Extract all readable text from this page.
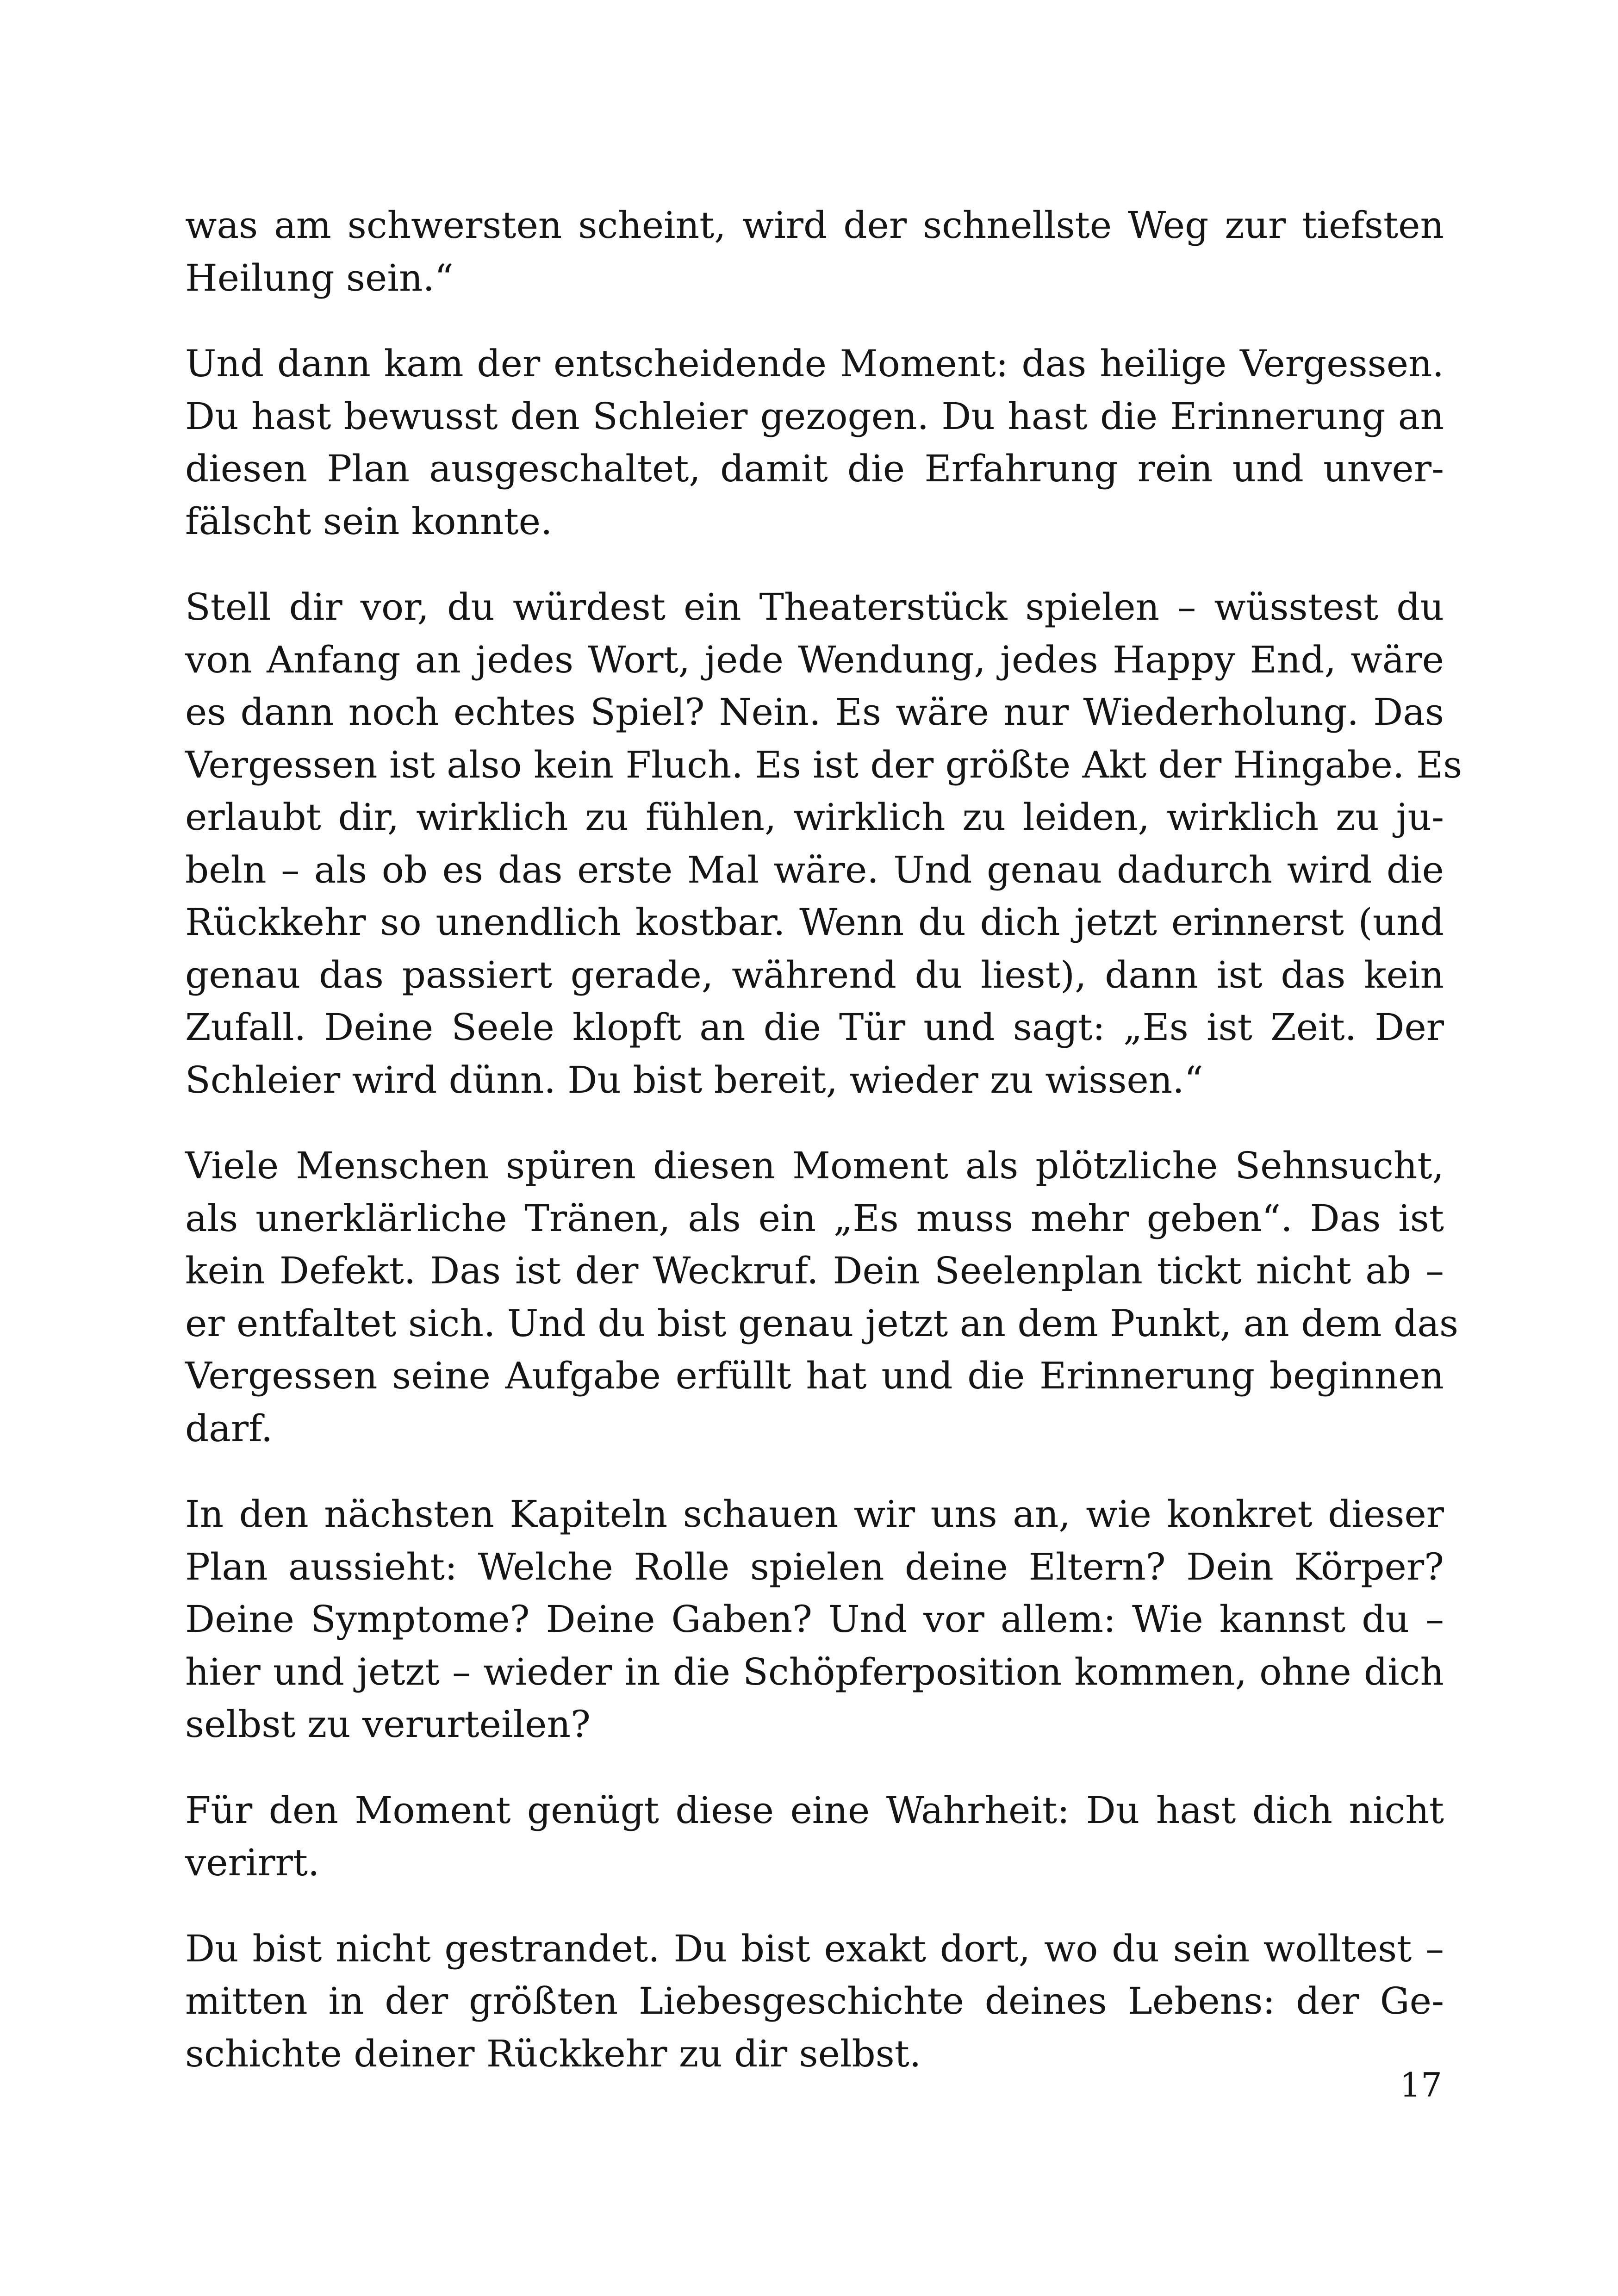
was am schwersten scheint, wird der schnellste Weg zur tiefsten
Heilung sein.“

Und dann kam der entscheidende Moment: das heilige Vergessen.
Du hast bewusst den Schleier gezogen. Du hast die Erinnerung an
diesen Plan ausgeschaltet, damit die Erfahrung rein und unver-
fälscht sein konnte.

Stell dir vor, du würdest ein Theaterstück spielen – wüsstest du
von Anfang an jedes Wort, jede Wendung, jedes Happy End, wäre
es dann noch echtes Spiel? Nein. Es wäre nur Wiederholung. Das
Vergessen ist also kein Fluch. Es ist der größte Akt der Hingabe. Es
erlaubt dir, wirklich zu fühlen, wirklich zu leiden, wirklich zu ju-
beln – als ob es das erste Mal wäre. Und genau dadurch wird die
Rückkehr so unendlich kostbar. Wenn du dich jetzt erinnerst (und
genau das passiert gerade, während du liest), dann ist das kein
Zufall. Deine Seele klopft an die Tür und sagt: „Es ist Zeit. Der
Schleier wird dünn. Du bist bereit, wieder zu wissen.“

Viele Menschen spüren diesen Moment als plötzliche Sehnsucht,
als unerklärliche Tränen, als ein „Es muss mehr geben“. Das ist
kein Defekt. Das ist der Weckruf. Dein Seelenplan tickt nicht ab –
er entfaltet sich. Und du bist genau jetzt an dem Punkt, an dem das
Vergessen seine Aufgabe erfüllt hat und die Erinnerung beginnen
darf.

In den nächsten Kapiteln schauen wir uns an, wie konkret dieser
Plan aussieht: Welche Rolle spielen deine Eltern? Dein Körper?
Deine Symptome? Deine Gaben? Und vor allem: Wie kannst du –
hier und jetzt – wieder in die Schöpferposition kommen, ohne dich
selbst zu verurteilen?

Für den Moment genügt diese eine Wahrheit: Du hast dich nicht
verirrt.

Du bist nicht gestrandet. Du bist exakt dort, wo du sein wolltest –
mitten in der größten Liebesgeschichte deines Lebens: der Ge-
schichte deiner Rückkehr zu dir selbst.

17
